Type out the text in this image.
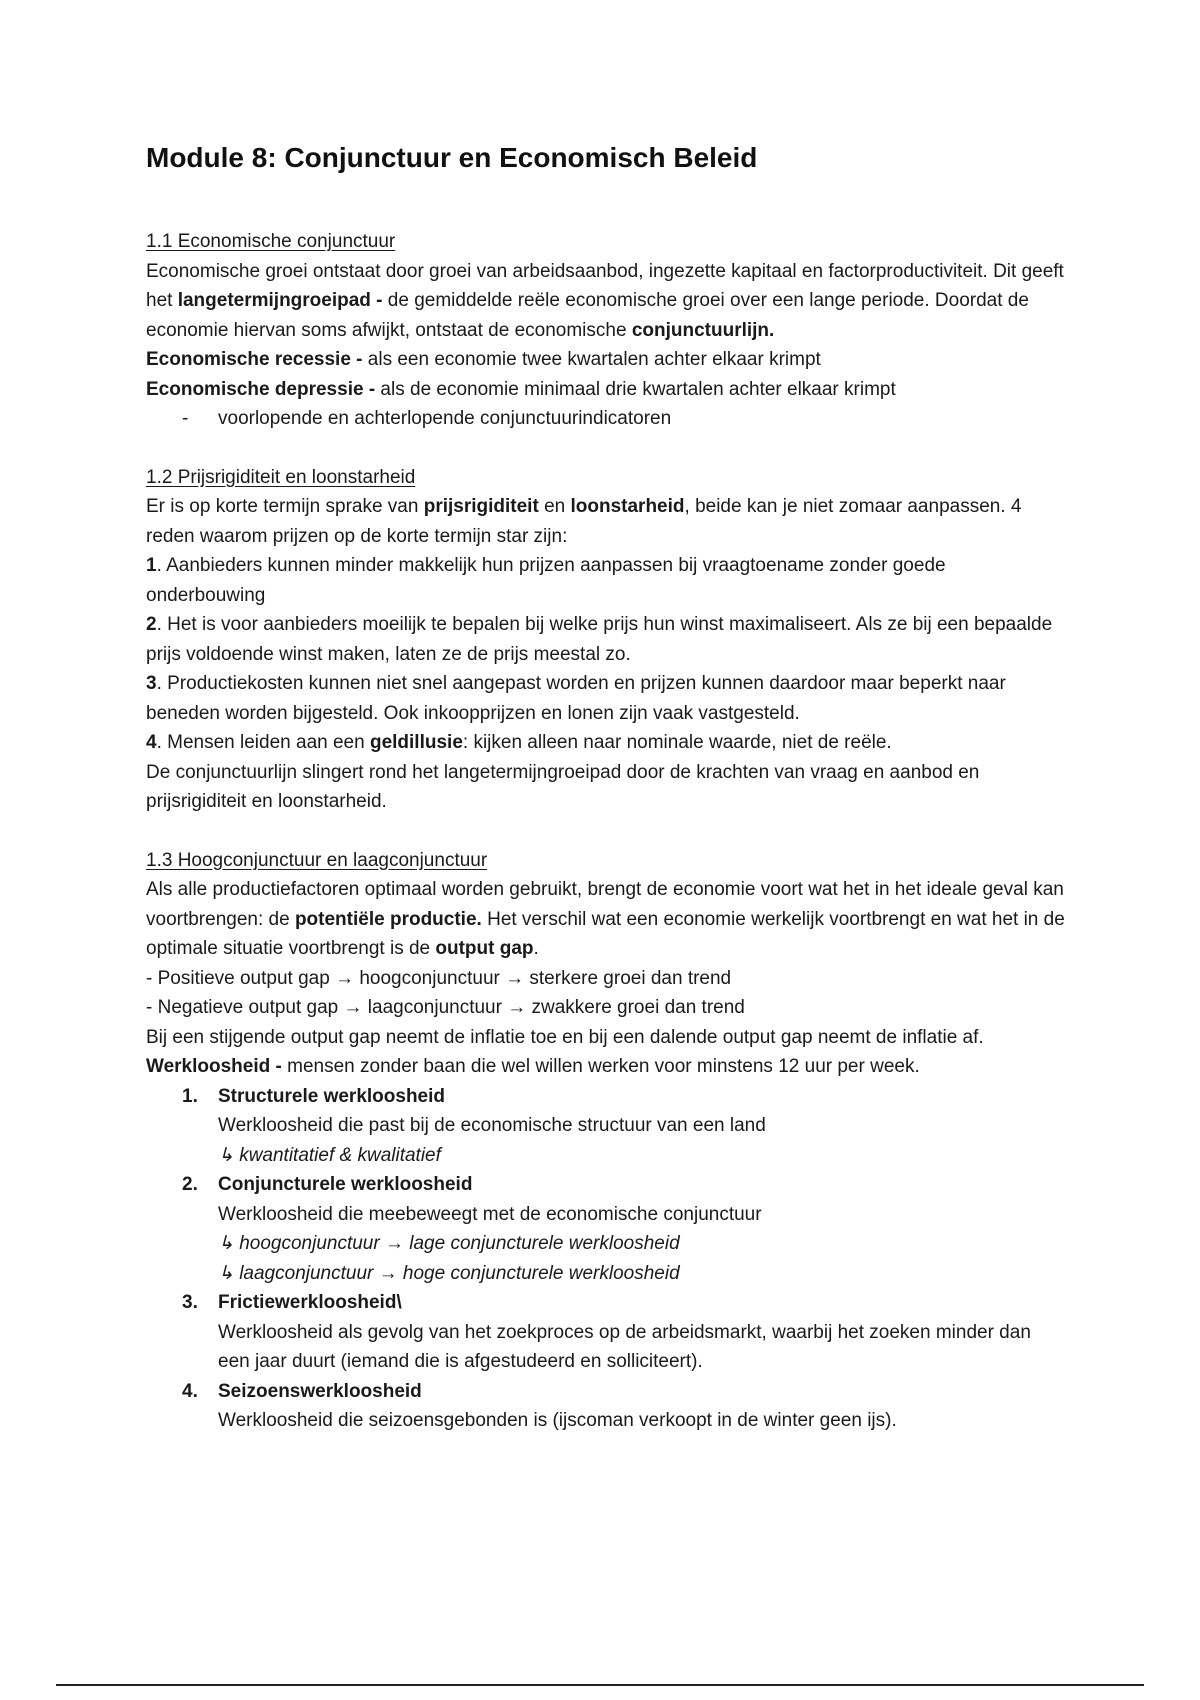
Module 8: Conjunctuur en Economisch Beleid
1.1 Economische conjunctuur

Economische groei ontstaat door groei van arbeidsaanbod, ingezette kapitaal en factorproductiviteit. Dit geeft het langetermijngroeipad - de gemiddelde reële economische groei over een lange periode. Doordat de economie hiervan soms afwijkt, ontstaat de economische conjunctuurlijn.

Economische recessie - als een economie twee kwartalen achter elkaar krimpt

Economische depressie - als de economie minimaal drie kwartalen achter elkaar krimpt

- voorlopende en achterlopende conjunctuurindicatoren
1.2 Prijsrigiditeit en loonstarheid

Er is op korte termijn sprake van prijsrigiditeit en loonstarheid, beide kan je niet zomaar aanpassen. 4 reden waarom prijzen op de korte termijn star zijn:

1. Aanbieders kunnen minder makkelijk hun prijzen aanpassen bij vraagtoename zonder goede onderbouwing

2. Het is voor aanbieders moeilijk te bepalen bij welke prijs hun winst maximaliseert. Als ze bij een bepaalde prijs voldoende winst maken, laten ze de prijs meestal zo.

3. Productiekosten kunnen niet snel aangepast worden en prijzen kunnen daardoor maar beperkt naar beneden worden bijgesteld. Ook inkoopprijzen en lonen zijn vaak vastgesteld.

4. Mensen leiden aan een geldillusie: kijken alleen naar nominale waarde, niet de reële.

De conjunctuurlijn slingert rond het langetermijngroeipad door de krachten van vraag en aanbod en prijsrigiditeit en loonstarheid.

1.3 Hoogconjunctuur en laagconjunctuur

Als alle productiefactoren optimaal worden gebruikt, brengt de economie voort wat het in het ideale geval kan voortbrengen: de potentiële productie. Het verschil wat een economie werkelijk voortbrengt en wat het in de optimale situatie voortbrengt is de output gap.

- Positieve output gap → hoogconjunctuur → sterkere groei dan trend

- Negatieve output gap → laagconjunctuur → zwakkere groei dan trend

Bij een stijgende output gap neemt de inflatie toe en bij een dalende output gap neemt de inflatie af.

Werkloosheid - mensen zonder baan die wel willen werken voor minstens 12 uur per week.

1. Structurele werkloosheid
Werkloosheid die past bij de economische structuur van een land
↳ kwantitatief & kwalitatief
2. Conjuncturele werkloosheid
Werkloosheid die meebeweegt met de economische conjunctuur
↳ hoogconjunctuur → lage conjuncturele werkloosheid
↳ laagconjunctuur → hoge conjuncturele werkloosheid
3. Frictiewerkloosheid\
Werkloosheid als gevolg van het zoekproces op de arbeidsmarkt, waarbij het zoeken minder dan een jaar duurt (iemand die is afgestudeerd en solliciteert).
4. Seizoenswerkloosheid
Werkloosheid die seizoensgebonden is (ijscoman verkoopt in de winter geen ijs).
